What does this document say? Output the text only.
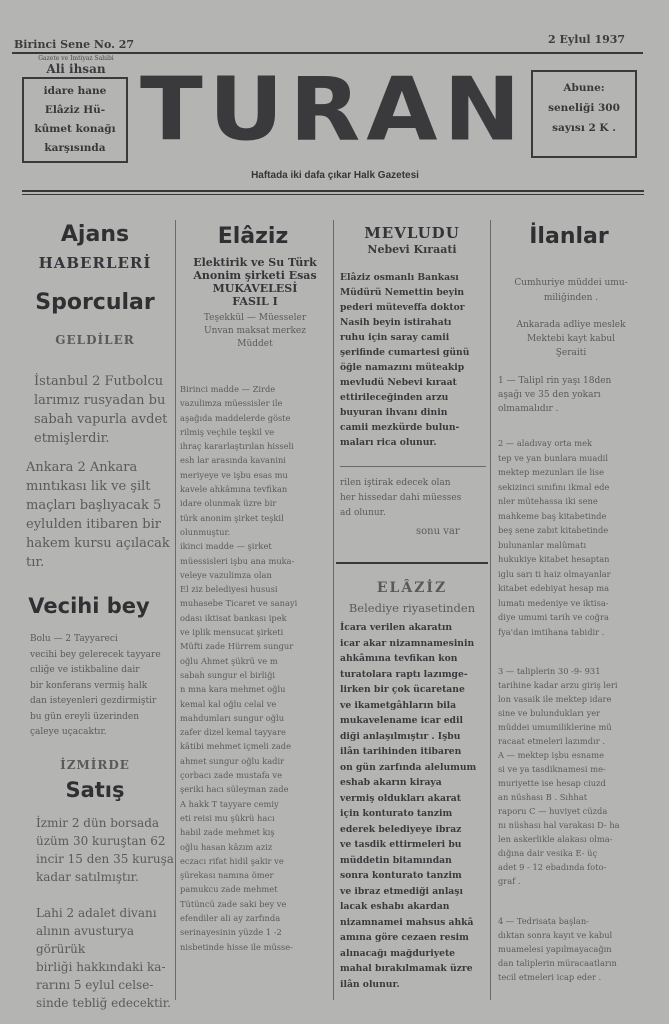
Birinci Sene No. 27	2 Eylul 1937
Gazete ve Imtiyaz Sahibi
Ali ihsan
idare hane
Elâziz Hü-
kûmet konağı
karşısında TURAN	Abune:
seneliği 300
sayısı 2 K .
Haftada iki dafa çıkar Halk Gazetesi
Ajans
HABERLERİ
Sporcular
GELDİLER
İstanbul 2 Futbolcu
larımız rusyadan bu
sabah vapurla avdet
etmişlerdir.
Ankara 2 Ankara
mıntıkası lik ve şilt
maçları başlıyacak 5
eylulden itibaren bir
hakem kursu açılacak
tır.
Vecihi bey
Bolu — 2 Tayyareci
vecihi bey gelerecek tayyare
cıliğe ve istikbaline dair
bir konferans vermiş halk
dan isteyenleri gezdirmiştir
bu gün ereyli üzerinden
çaleye uçacaktır.
İZMİRDE
Satış
İzmir 2 dün borsada
üzüm 30 kuruştan 62
incir 15 den 35 kuruşa
kadar satılmıştır.
Lahi 2 adalet divanı
alının avusturya görürük
birliği hakkındaki ka-
rarını 5 eylul celse-
sinde tebliğ edecektir.
Elâziz
Elektirik ve Su Türk
Anonim şirketi Esas
MUKAVELESİ
FASIL I
Teşekkül — Müesseler
Unvan maksat merkez
Müddet
Birinci madde — Zirde
vazulimza müessisler ile
aşağıda maddelerde göste
rilmiş veçhile teşkil ve
ihraç kararlaştırılan hisseli
esh lar arasında kavanini
meriyeye ve işbu esas mu
kavele ahkâmına tevfikan
idare olunmak üzre bir
türk anonim şirket teşkil
olunmuştur.
ikinci madde — şirket
müessisleri işbu ana muka-
veleye vazulimza olan
El ziz belediyesi hususi
muhasebe Ticaret ve sanayi
odası iktisat bankası ipek
ve iplik mensucat şirketi
Müfti zade Hürrem sungur
oğlu Ahmet şükrü ve m
sabah sungur el birliği
n mna kara mehmet oğlu
kemal kal oğlu celal ve
mahdumları sungur oğlu
zafer dizel kemal tayyare
kâtibi mehmet içmeli zade
ahmet sungur oğlu kadir
çorbacı zade mustafa ve
şeriki hacı süleyman zade
A hakk T tayyare cemiy
eti reisi mu şükrü hacı
habil zade mehmet kış
oğlu hasan kâzım aziz
eczacı rifat hidil şakir ve
şürekası namına ömer
pamukcu zade mehmet
Tütüncü zade saki bey ve
efendiler ali ay zarfında
serinayesinin yüzde 1 -2
nisbetinde hisse ile müsse-
MEVLUDU
Nebevi Kıraati
Elâziz osmanlı Bankası
Müdürü Nemettin beyin
pederi müteveffa doktor
Nasih beyin istirahatı
ruhu için saray camii
şerifinde cumartesi günü
öğle namazını müteakip
mevludü Nebevi kıraat
ettirileceğinden arzu
buyuran ihvanı dinin
camii mezkürde bulun-
maları rica olunur.
rilen iştirak edecek olan
her hissedar dahi müesses
ad olunur.
sonu var
ELÂZİZ
Belediye riyasetinden
İcara verilen akaratın
icar akar nizamnamesinin
ahkâmına tevfikan kon
turatolara raptı lazımge-
lirken bir çok ücaretane
ve ikametgâhların bila
mukavelename icar edil
diği anlaşılmıştır . Işbu
ilân tarihinden itibaren
on gün zarfında alelumum
eshab akarın kiraya
vermiş oldukları akarat
için konturato tanzim
ederek belediyeye ibraz
ve tasdik ettirmeleri bu
müddetin bitamından
sonra konturato tanzim
ve ibraz etmediği anlaşı
lacak eshabı akardan
nizamnamei mahsus ahkâ
amına göre cezaen resim
alınacağı mağduriyete
mahal bırakılmamak üzre
ilân olunur.
İlanlar
Cumhuriye müddei umu-
miliğinden .
Ankarada adliye meslek
Mektebi kayt kabul
Şeraiti
1 — Talipl rin yaşı 18den
aşağı ve 35 den yokarı
olmamalıdır .
2 — aladıvay orta mek
tep ve yan bunlara muadil
mektep mezunları ile lise
sekizinci sınıfını ikmal ede
nler mütehassa iki sene
mahkeme baş kitabetinde
beş sene zabıt kitabetinde
bulunanlar malûmatı
hukukiye kitabet hesaptan
iglu sarı ti haiz olmayanlar
kitabet edebiyat hesap ma
lumatı medeniye ve iktisa-
diye umumi tarih ve coğra
fya'dan imtihana tabidir .
3 — taliplerin 30 -9- 931
tarihine kadar arzu giriş leri
lon vasaik ile mektep idare
sine ve bulundukları yer
müddei umumiliklerine mü
racaat etmeleri lazımdır .
A — mektep işbu esname
si ve ya tasdiknamesi me-
muriyette ise hesap ciuzd
an nüshası B . Sıhhat
raporu C — huviyet cüzda
nı nüshası hal varakası D- ha
len askerlikle alakası olma-
dığına dair vesika E- üç
adet 9 - 12 ebadında foto-
graf .
4 — Tedrisata başlan-
dıktan sonra kayıt ve kabul
muamelesi yapılmayacağın
dan taliplerin müracaatların
tecil etmeleri icap eder .
